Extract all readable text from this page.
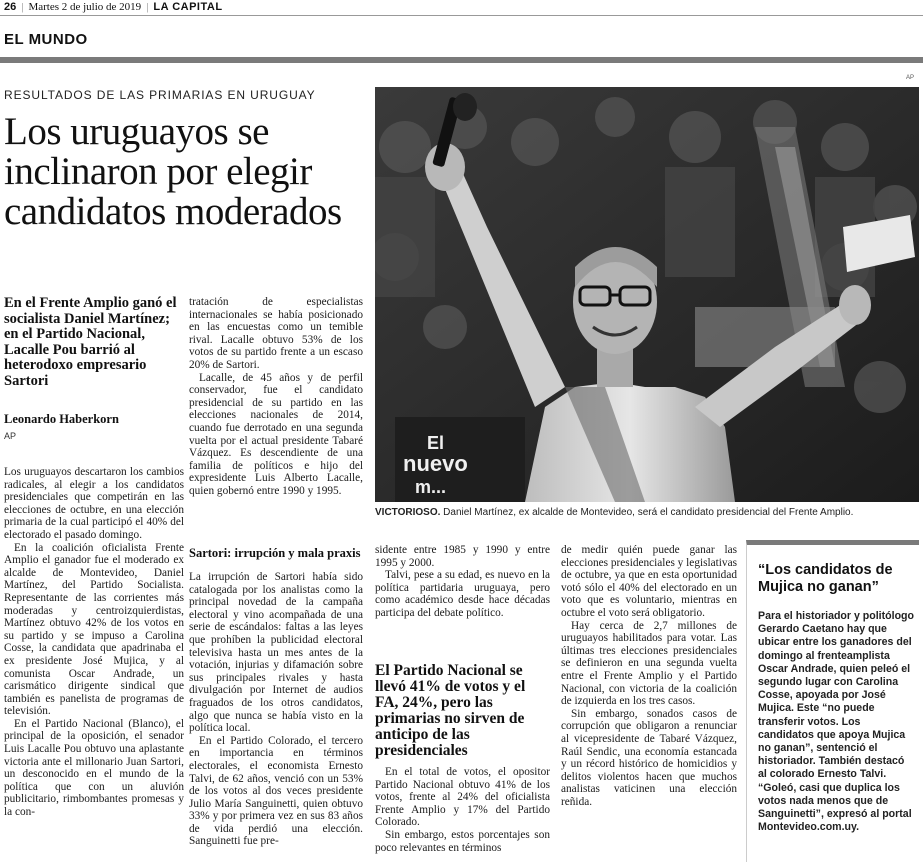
26 | Martes 2 de julio de 2019 | LA CAPITAL
EL MUNDO
RESULTADOS DE LAS PRIMARIAS EN URUGUAY
Los uruguayos se inclinaron por elegir candidatos moderados
En el Frente Amplio ganó el socialista Daniel Martínez; en el Partido Nacional, Lacalle Pou barrió al heterodoxo empresario Sartori
Leonardo Haberkorn
AP

Los uruguayos descartaron los cambios radicales, al elegir a los candidatos presidenciales que competirán en las elecciones de octubre, en una elección primaria de la cual participó el 40% del electorado el pasado domingo.

En la coalición oficialista Frente Amplio el ganador fue el moderado ex alcalde de Montevideo, Daniel Martínez, del Partido Socialista. Representante de las corrientes más moderadas y centroizquierdistas, Martínez obtuvo 42% de los votos en su partido y se impuso a Carolina Cosse, la candidata que apadrinaba el ex presidente José Mujica, y al comunista Oscar Andrade, un carismático dirigente sindical que también es panelista de programas de televisión.

En el Partido Nacional (Blanco), el principal de la oposición, el senador Luis Lacalle Pou obtuvo una aplastante victoria ante el millonario Juan Sartori, un desconocido en el mundo de la política que con un aluvión publicitario, rimbombantes promesas y la con-

tratación de especialistas internacionales se había posicionado en las encuestas como un temible rival. Lacalle obtuvo 53% de los votos de su partido frente a un escaso 20% de Sartori.

Lacalle, de 45 años y de perfil conservador, fue el candidato presidencial de su partido en las elecciones nacionales de 2014, cuando fue derrotado en una segunda vuelta por el actual presidente Tabaré Vázquez. Es descendiente de una familia de políticos e hijo del expresidente Luis Alberto Lacalle, quien gobernó entre 1990 y 1995.

Sartori: irrupción y mala praxis

La irrupción de Sartori había sido catalogada por los analistas como la principal novedad de la campaña electoral y vino acompañada de una serie de escándalos: faltas a las leyes que prohíben la publicidad electoral televisiva hasta un mes antes de la votación, injurias y difamación sobre sus principales rivales y hasta divulgación por Internet de audios fraguados de los otros candidatos, algo que nunca se había visto en la política local.

En el Partido Colorado, el tercero en importancia en términos electorales, el economista Ernesto Talvi, de 62 años, venció con un 53% de los votos al dos veces presidente Julio María Sanguinetti, quien obtuvo 33% y por primera vez en sus 83 años de vida perdió una elección. Sanguinetti fue pre-

sidente entre 1985 y 1990 y entre 1995 y 2000.

Talvi, pese a su edad, es nuevo en la política partidaria uruguaya, pero como académico desde hace décadas participa del debate político.

El Partido Nacional se llevó 41% de votos y el FA, 24%, pero las primarias no sirven de anticipo de las presidenciales

En el total de votos, el opositor Partido Nacional obtuvo 41% de los votos, frente al 24% del oficialista Frente Amplio y 17% del Partido Colorado.

Sin embargo, estos porcentajes son poco relevantes en términos

de medir quién puede ganar las elecciones presidenciales y legislativas de octubre, ya que en esta oportunidad votó sólo el 40% del electorado en un voto que es voluntario, mientras en octubre el voto será obligatorio.

Hay cerca de 2,7 millones de uruguayos habilitados para votar. Las últimas tres elecciones presidenciales se definieron en una segunda vuelta entre el Frente Amplio y el Partido Nacional, con victoria de la coalición de izquierda en los tres casos.

Sin embargo, sonados casos de corrupción que obligaron a renunciar al vicepresidente de Tabaré Vázquez, Raúl Sendic, una economía estancada y un récord histórico de homicidios y delitos violentos hacen que muchos analistas vaticinen una elección reñida.

AP
El
nuevo
m...
VICTORIOSO. Daniel Martínez, ex alcalde de Montevideo, será el candidato presidencial del Frente Amplio.
“Los candidatos de Mujica no ganan”
Para el historiador y politólogo Gerardo Caetano hay que ubicar entre los ganadores del domingo al frenteamplista Oscar Andrade, quien peleó el segundo lugar con Carolina Cosse, apoyada por José Mujica. Este “no puede transferir votos. Los candidatos que apoya Mujica no ganan”, sentenció el historiador. También destacó al colorado Ernesto Talvi. “Goleó, casi que duplica los votos nada menos que de Sanguinetti”, expresó al portal Montevideo.com.uy.
